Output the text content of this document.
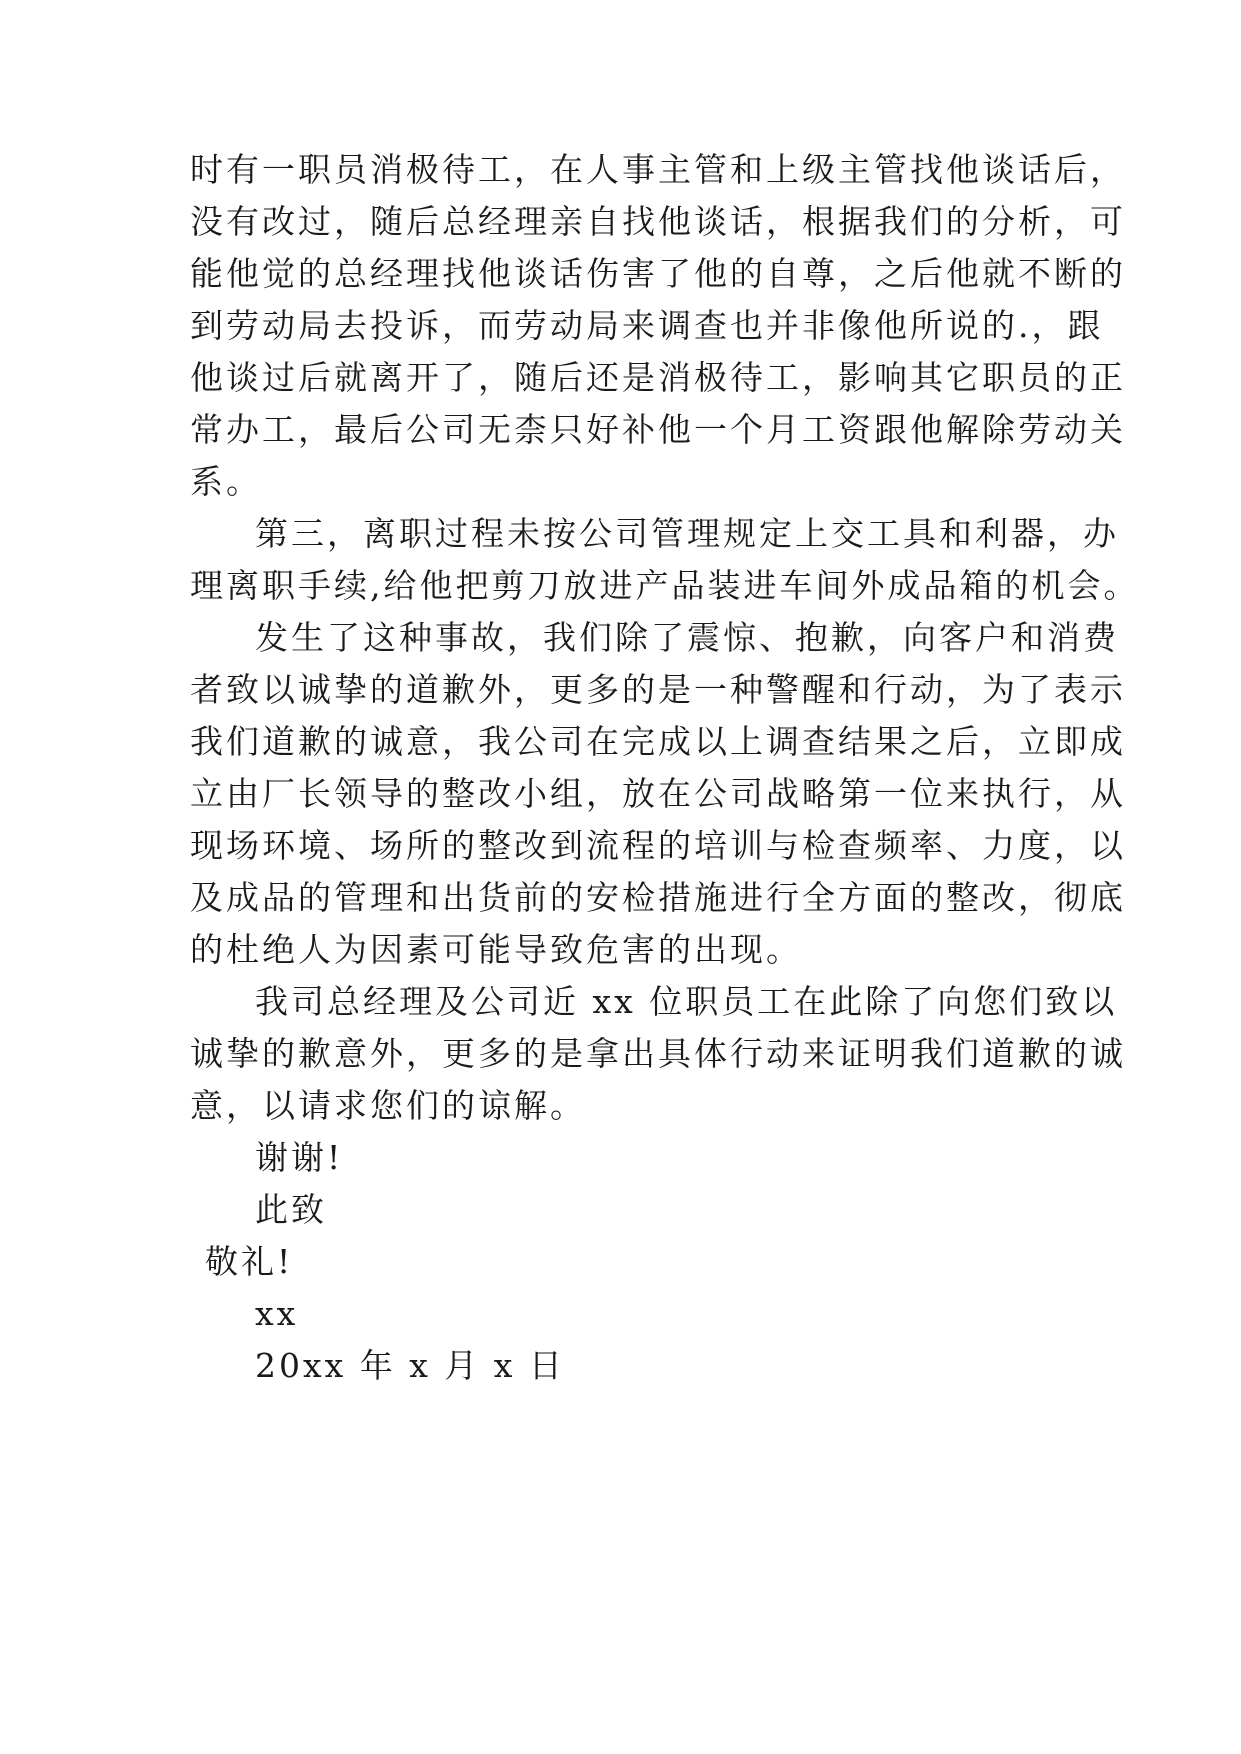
时有一职员消极待工，在人事主管和上级主管找他谈话后，
没有改过，随后总经理亲自找他谈话，根据我们的分析，可
能他觉的总经理找他谈话伤害了他的自尊，之后他就不断的
到劳动局去投诉，而劳动局来调查也并非像他所说的.，跟
他谈过后就离开了，随后还是消极待工，影响其它职员的正
常办工，最后公司无柰只好补他一个月工资跟他解除劳动关
系。
第三，离职过程未按公司管理规定上交工具和利器，办
理离职手续,给他把剪刀放进产品装进车间外成品箱的机会。
发生了这种事故，我们除了震惊、抱歉，向客户和消费
者致以诚挚的道歉外，更多的是一种警醒和行动，为了表示
我们道歉的诚意，我公司在完成以上调查结果之后，立即成
立由厂长领导的整改小组，放在公司战略第一位来执行，从
现场环境、场所的整改到流程的培训与检查频率、力度，以
及成品的管理和出货前的安检措施进行全方面的整改，彻底
的杜绝人为因素可能导致危害的出现。
我司总经理及公司近 xx 位职员工在此除了向您们致以
诚挚的歉意外，更多的是拿出具体行动来证明我们道歉的诚
意，以请求您们的谅解。
谢谢!
此致
敬礼!
xx
20xx 年 x 月 x 日
